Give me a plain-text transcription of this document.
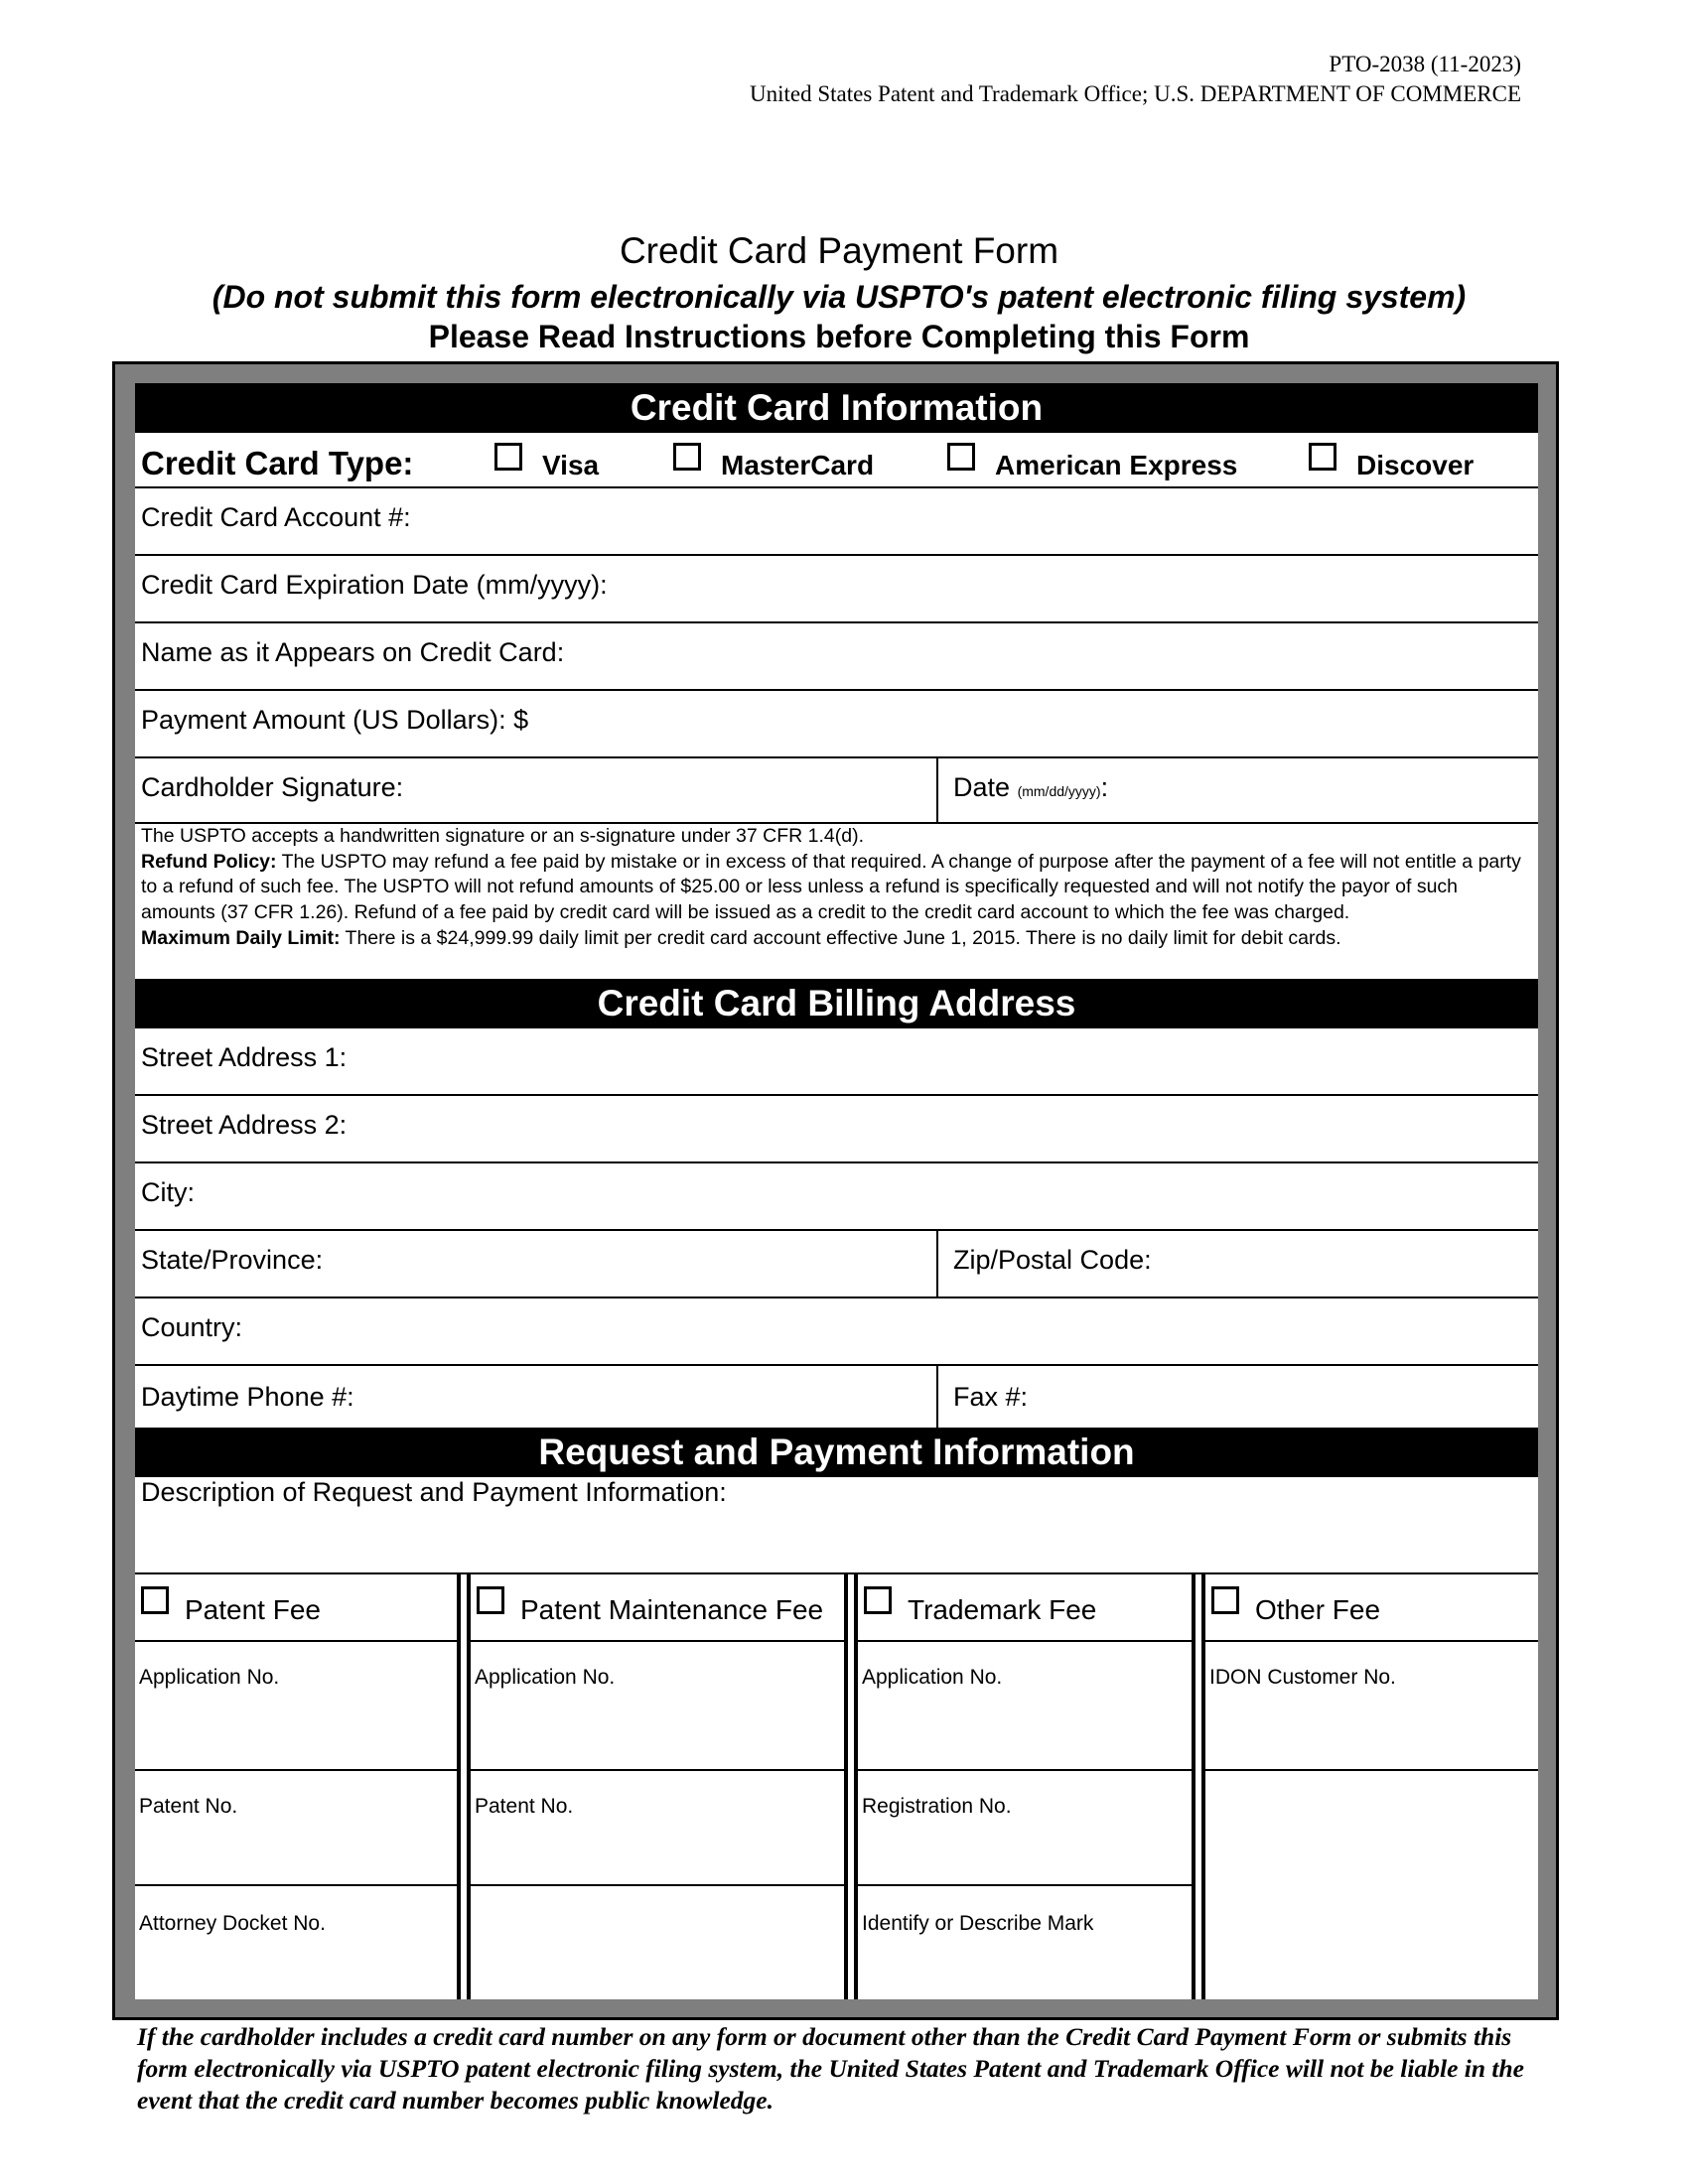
PTO-2038 (11-2023)
United States Patent and Trademark Office; U.S. DEPARTMENT OF COMMERCE
Credit Card Payment Form
(Do not submit this form electronically via USPTO's patent electronic filing system)
Please Read Instructions before Completing this Form
Credit Card Information
Credit Card Type:	Visa	MasterCard	American Express	Discover
Credit Card Account #:
Credit Card Expiration Date (mm/yyyy):
Name as it Appears on Credit Card:
Payment Amount (US Dollars): $
Cardholder Signature:	Date (mm/dd/yyyy):
The USPTO accepts a handwritten signature or an s-signature under 37 CFR 1.4(d).
Refund Policy: The USPTO may refund a fee paid by mistake or in excess of that required. A change of purpose after the payment of a fee will not entitle a party to a refund of such fee. The USPTO will not refund amounts of $25.00 or less unless a refund is specifically requested and will not notify the payor of such amounts (37 CFR 1.26). Refund of a fee paid by credit card will be issued as a credit to the credit card account to which the fee was charged.
Maximum Daily Limit: There is a $24,999.99 daily limit per credit card account effective June 1, 2015. There is no daily limit for debit cards.
Credit Card Billing Address
Street Address 1:
Street Address 2:
City:
State/Province:	Zip/Postal Code:
Country:
Daytime Phone #:	Fax #:
Request and Payment Information
Description of Request and Payment Information:
Patent Fee
Application No.
Patent No.
Attorney Docket No.
Patent Maintenance Fee
Application No.
Patent No.
Trademark Fee
Application No.
Registration No.
Identify or Describe Mark
Other Fee
IDON Customer No.
If the cardholder includes a credit card number on any form or document other than the Credit Card Payment Form or submits this form electronically via USPTO patent electronic filing system, the United States Patent and Trademark Office will not be liable in the event that the credit card number becomes public knowledge.
